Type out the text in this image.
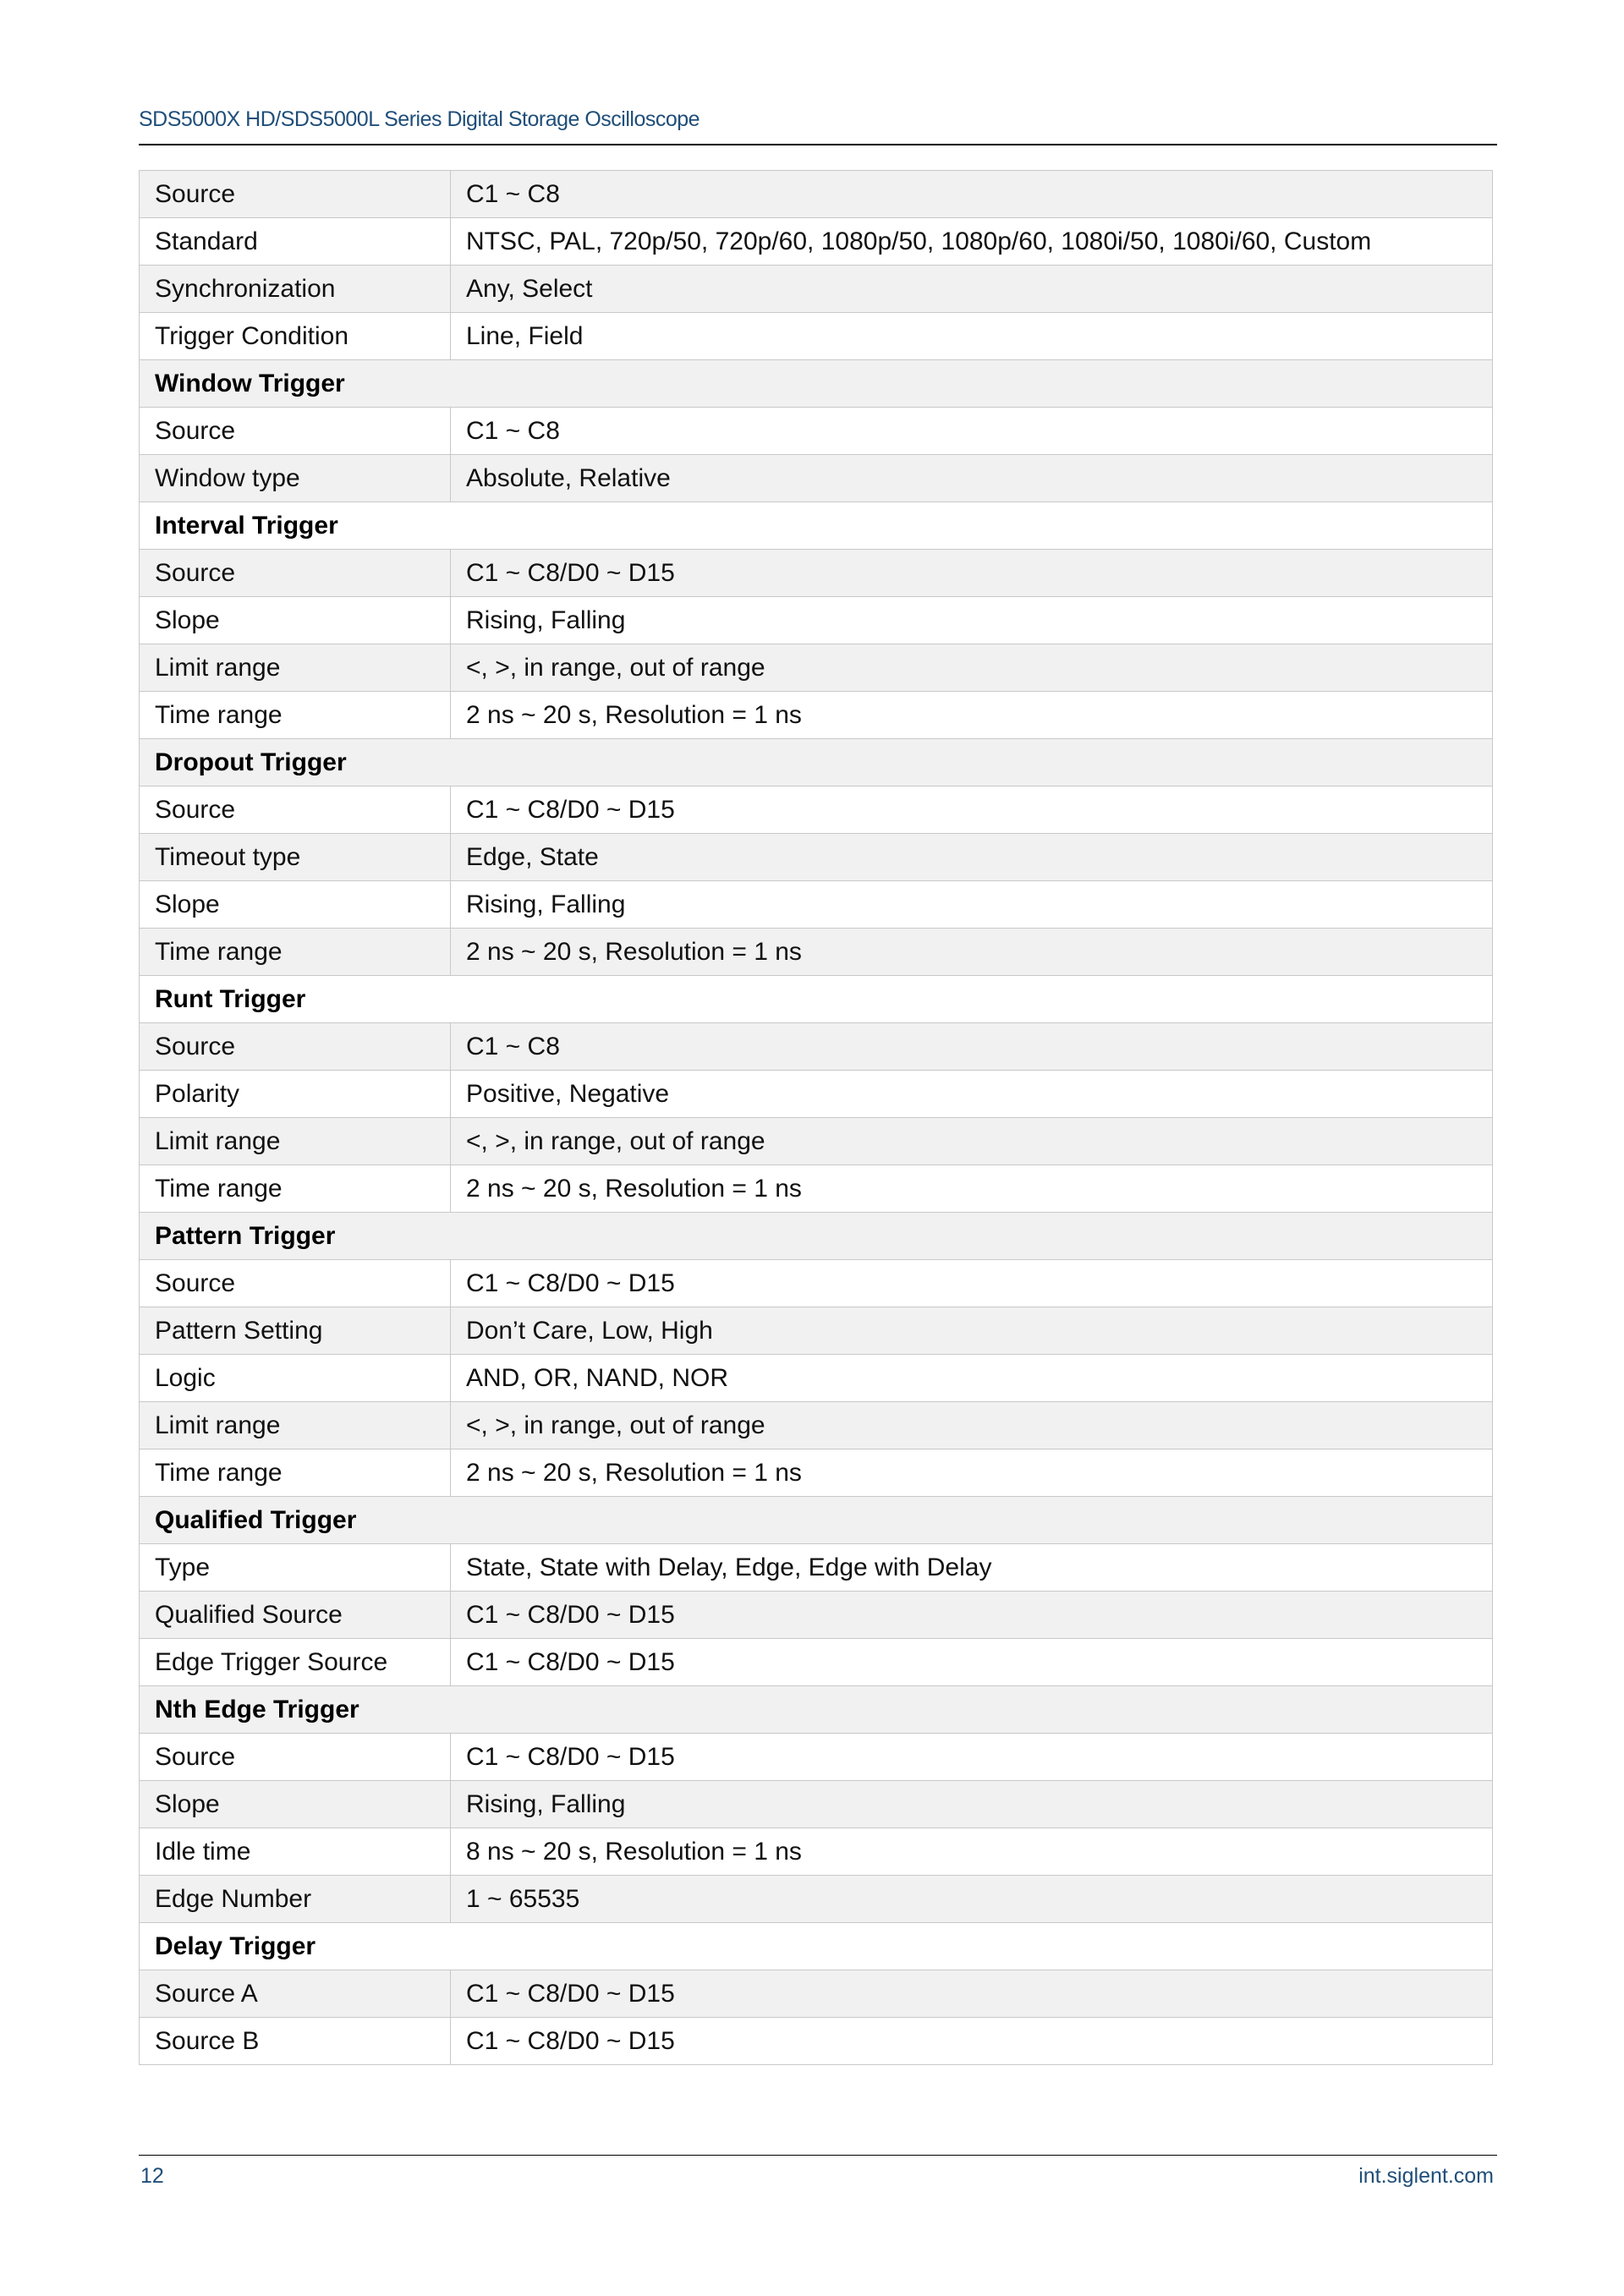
SDS5000X HD/SDS5000L Series Digital Storage Oscilloscope
Source	C1 ~ C8
Standard	NTSC, PAL, 720p/50, 720p/60, 1080p/50, 1080p/60, 1080i/50, 1080i/60, Custom
Synchronization	Any, Select
Trigger Condition	Line, Field
Window Trigger	
Source	C1 ~ C8
Window type	Absolute, Relative
Interval Trigger	
Source	C1 ~ C8/D0 ~ D15
Slope	Rising, Falling
Limit range	<, >, in range, out of range
Time range	2 ns ~ 20 s, Resolution = 1 ns
Dropout Trigger	
Source	C1 ~ C8/D0 ~ D15
Timeout type	Edge, State
Slope	Rising, Falling
Time range	2 ns ~ 20 s, Resolution = 1 ns
Runt Trigger	
Source	C1 ~ C8
Polarity	Positive, Negative
Limit range	<, >, in range, out of range
Time range	2 ns ~ 20 s, Resolution = 1 ns
Pattern Trigger	
Source	C1 ~ C8/D0 ~ D15
Pattern Setting	Don’t Care, Low, High
Logic	AND, OR, NAND, NOR
Limit range	<, >, in range, out of range
Time range	2 ns ~ 20 s, Resolution = 1 ns
Qualified Trigger	
Type	State, State with Delay, Edge, Edge with Delay
Qualified Source	C1 ~ C8/D0 ~ D15
Edge Trigger Source	C1 ~ C8/D0 ~ D15
Nth Edge Trigger	
Source	C1 ~ C8/D0 ~ D15
Slope	Rising, Falling
Idle time	8 ns ~ 20 s, Resolution = 1 ns
Edge Number	1 ~ 65535
Delay Trigger	
Source A	C1 ~ C8/D0 ~ D15
Source B	C1 ~ C8/D0 ~ D15
12	int.siglent.com
